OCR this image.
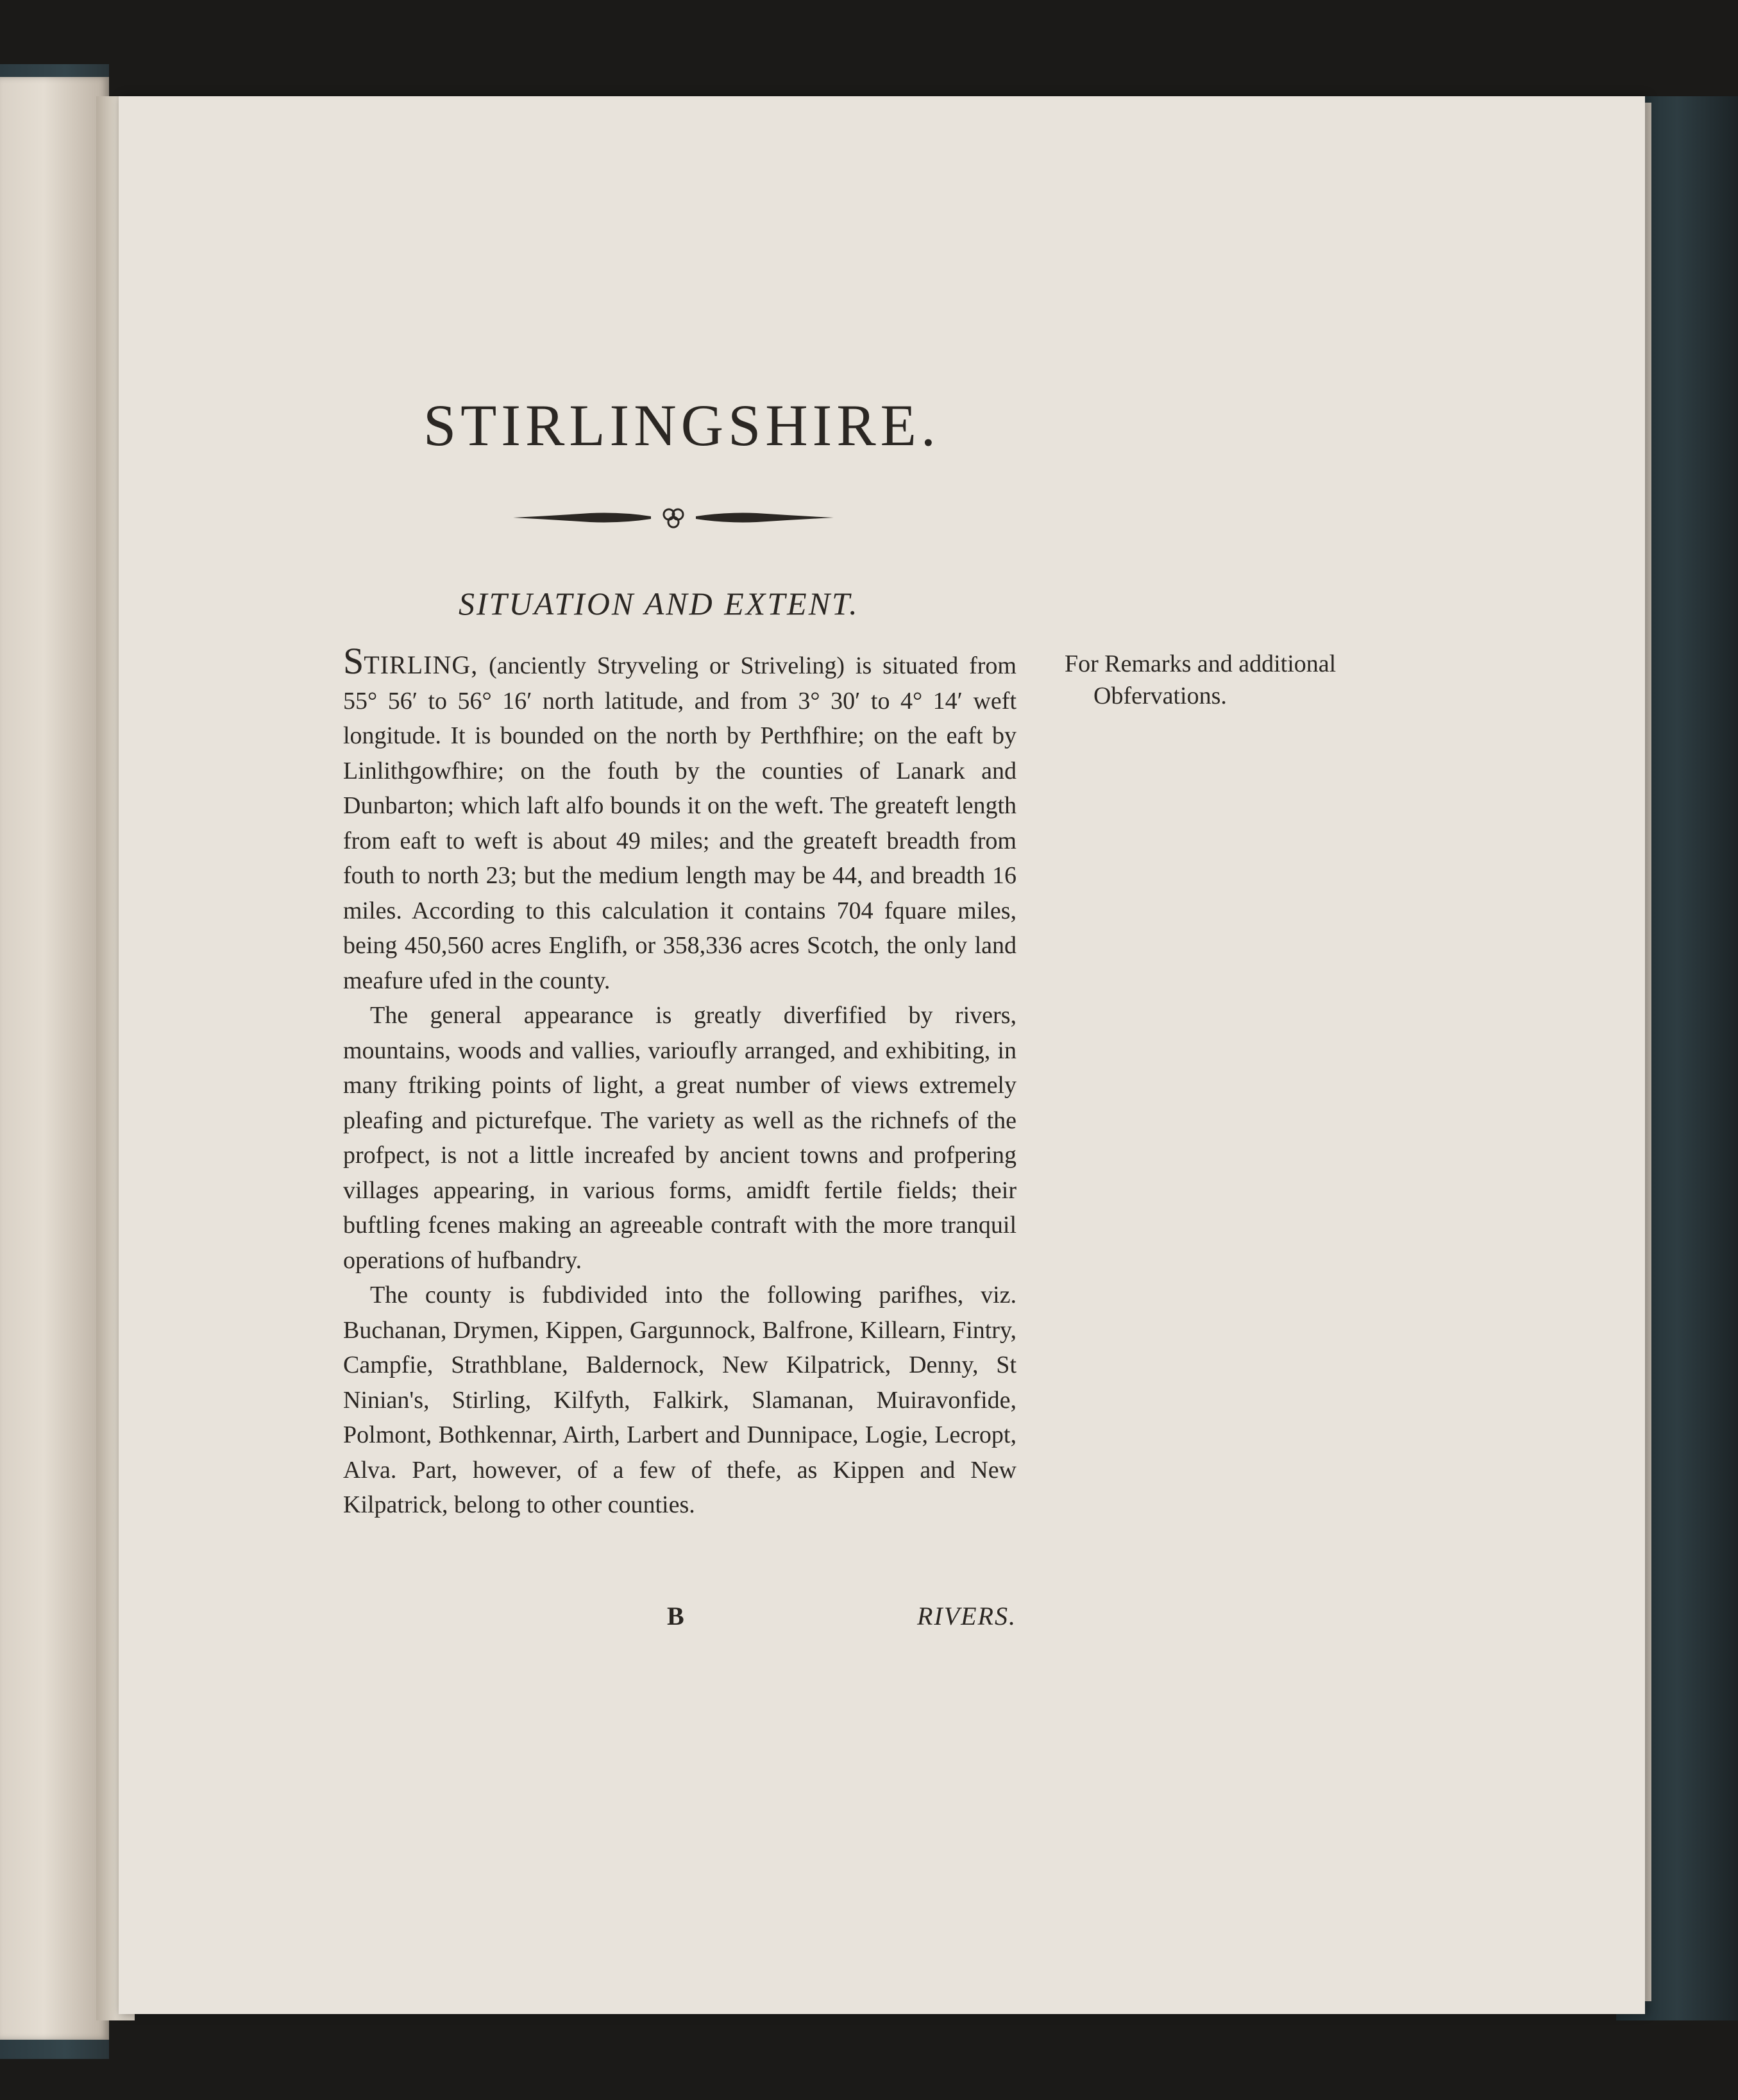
STIRLINGSHIRE.
SITUATION AND EXTENT.

STIRLING, (anciently Stryveling or Striveling) is situated from 55° 56′ to 56° 16′ north latitude, and from 3° 30′ to 4° 14′ weft longitude. It is bounded on the north by Perthfhire; on the eaft by Linlithgowfhire; on the fouth by the counties of Lanark and Dunbarton; which laft alfo bounds it on the weft. The greateft length from eaft to weft is about 49 miles; and the greateft breadth from fouth to north 23; but the medium length may be 44, and breadth 16 miles. According to this calculation it contains 704 fquare miles, being 450,560 acres Englifh, or 358,336 acres Scotch, the only land meafure ufed in the county.

The general appearance is greatly diverfified by rivers, mountains, woods and vallies, varioufly arranged, and exhibiting, in many ftriking points of light, a great number of views extremely pleafing and picturefque. The variety as well as the richnefs of the profpect, is not a little increafed by ancient towns and profpering villages appearing, in various forms, amidft fertile fields; their buftling fcenes making an agreeable contraft with the more tranquil operations of hufbandry.

The county is fubdivided into the following parifhes, viz. Buchanan, Drymen, Kippen, Gargunnock, Balfrone, Killearn, Fintry, Campfie, Strathblane, Baldernock, New Kilpatrick, Denny, St Ninian's, Stirling, Kilfyth, Falkirk, Slamanan, Muiravonfide, Polmont, Bothkennar, Airth, Larbert and Dunnipace, Logie, Lecropt, Alva. Part, however, of a few of thefe, as Kippen and New Kilpatrick, belong to other counties.

B	RIVERS.
For Remarks and additional
Obfervations.
